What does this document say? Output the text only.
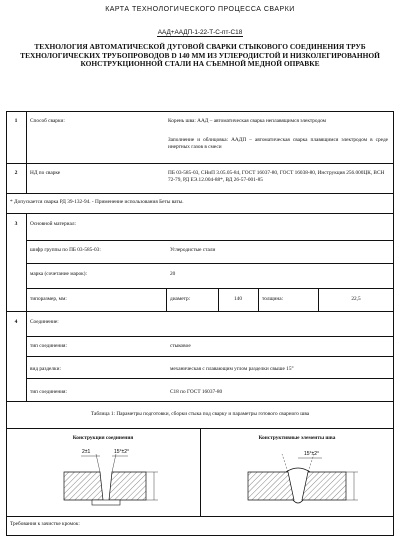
КАРТА ТЕХНОЛОГИЧЕСКОГО ПРОЦЕССА СВАРКИ
ААД+ААДП-1-22-Т-С-пт-С18
ТЕХНОЛОГИЯ АВТОМАТИЧЕСКОЙ ДУГОВОЙ СВАРКИ СТЫКОВОГО СОЕДИНЕНИЯ ТРУБ ТЕХНОЛОГИЧЕСКИХ ТРУБОПРОВОДОВ D 140 ММ ИЗ УГЛЕРОДИСТОЙ И НИЗКОЛЕГИРОВАННОЙ КОНСТРУКЦИОННОЙ СТАЛИ НА СЪЕМНОЙ МЕДНОЙ ОПРАВКЕ
1	Способ сварки:	Корень шва: ААД – автоматическая сварка неплавящимся электродом
Заполнение и облицовка: ААДП – автоматическая сварка плавящимся электродом в среде инертных газов в смеси
2	НД по сварке	ПБ 03-585-03, СНиП 3.05.05-84, ГОСТ 16037-80, ГОСТ 16038-80, Инструкция 256.000ЦК, ВСН 72-79, РД ЕЭ.12.004-88*, ВД 26-57-001-85
* Допускается сварка РД 39-132-94. - Применение использования Беты ваты.
3	Основной материал:
шифр группы по ПБ 03-585-03:	Углеродистые стали
марка (сочетание марок):	20
типоразмер, мм:	диаметр:	140	толщина:	22,5
4	Соединение:
тип соединения:	стыковое
вид разделки:	механическая с плавающим углом разделки свыше 15°
тип соединения:	С18 по ГОСТ 16037-80
Таблица 1: Параметры подготовки, сборки стыка под сварку и параметры готового сварного шва
Конструкция соединения	Конструктивные элементы шва
2±1	15°±2°	15°±2°
Требования к зачистке кромок:
